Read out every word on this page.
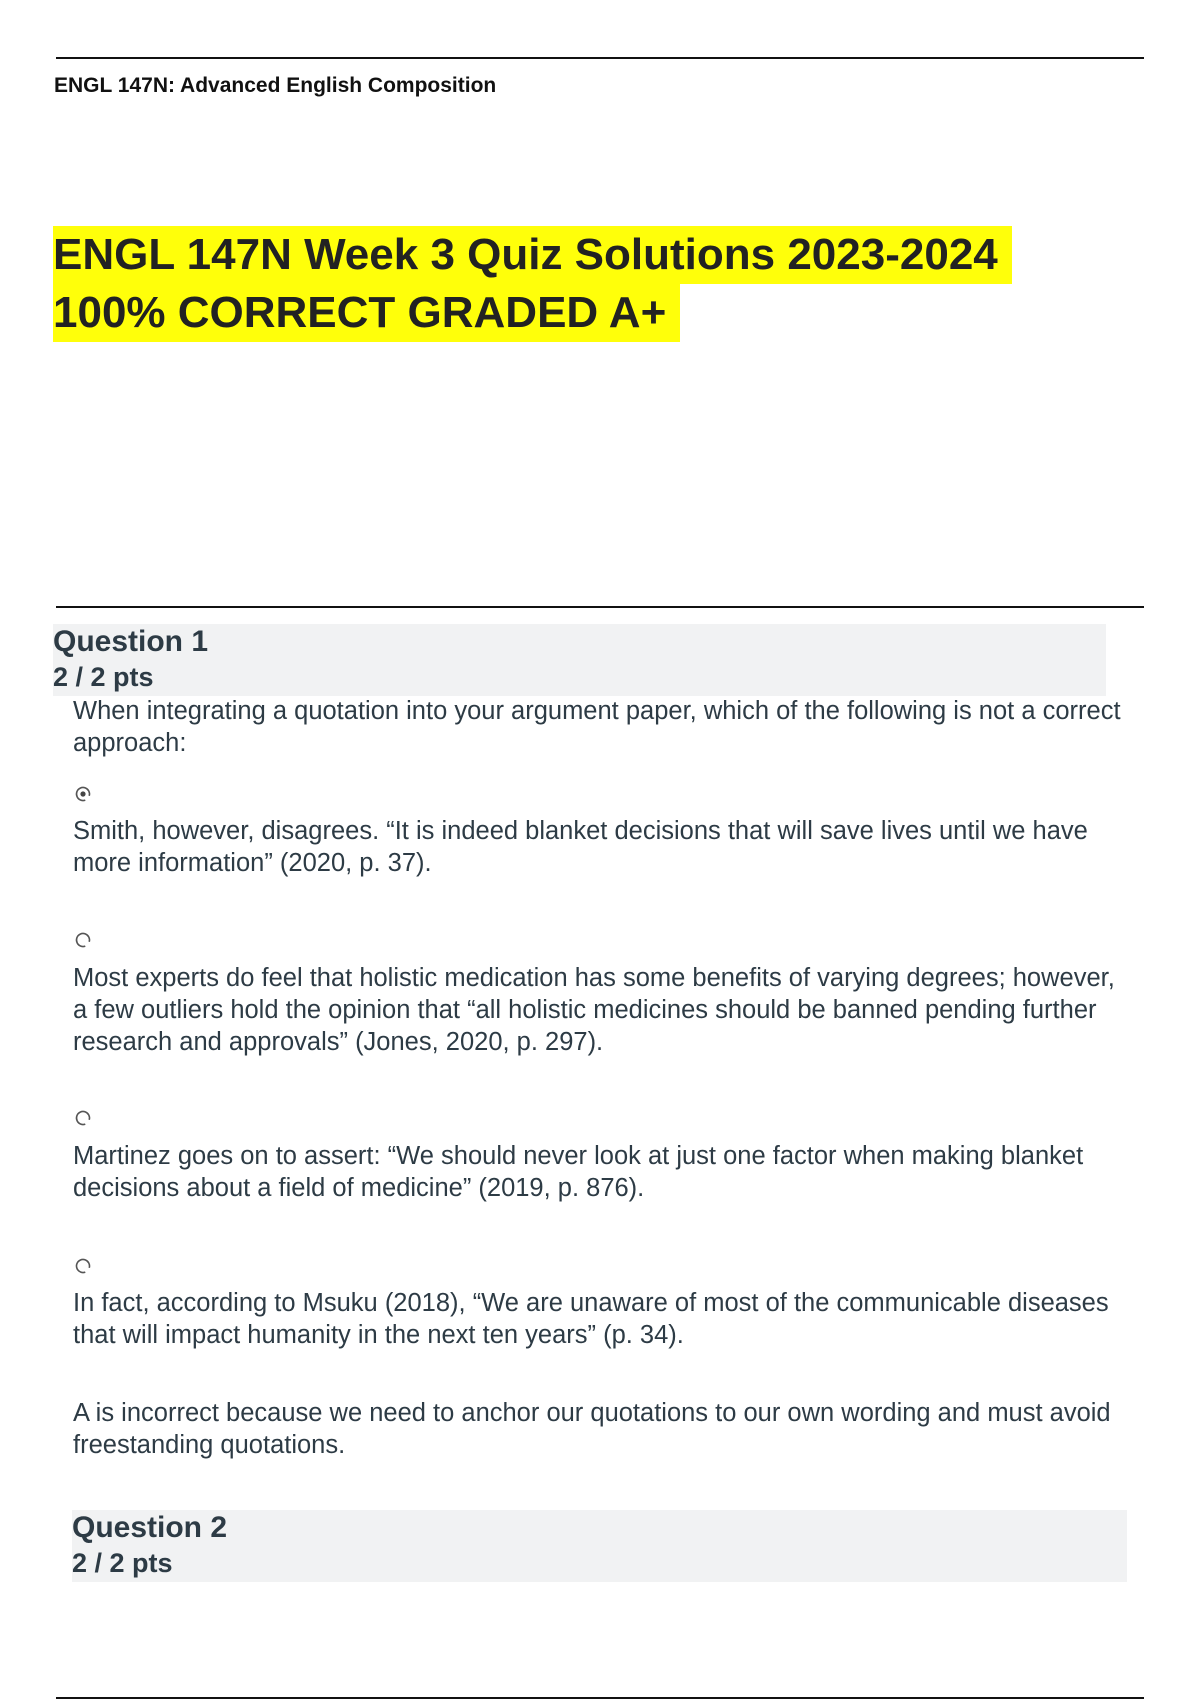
ENGL 147N: Advanced English Composition
ENGL 147N Week 3 Quiz Solutions 2023-2024
100% CORRECT GRADED A+
Question 1
2 / 2 pts
When integrating a quotation into your argument paper, which of the following is not a correct approach:
Smith, however, disagrees. “It is indeed blanket decisions that will save lives until we have more information” (2020, p. 37).
Most experts do feel that holistic medication has some benefits of varying degrees; however, a few outliers hold the opinion that “all holistic medicines should be banned pending further research and approvals” (Jones, 2020, p. 297).
Martinez goes on to assert: “We should never look at just one factor when making blanket decisions about a field of medicine” (2019, p. 876).
In fact, according to Msuku (2018), “We are unaware of most of the communicable diseases that will impact humanity in the next ten years” (p. 34).
A is incorrect because we need to anchor our quotations to our own wording and must avoid freestanding quotations.
Question 2
2 / 2 pts
